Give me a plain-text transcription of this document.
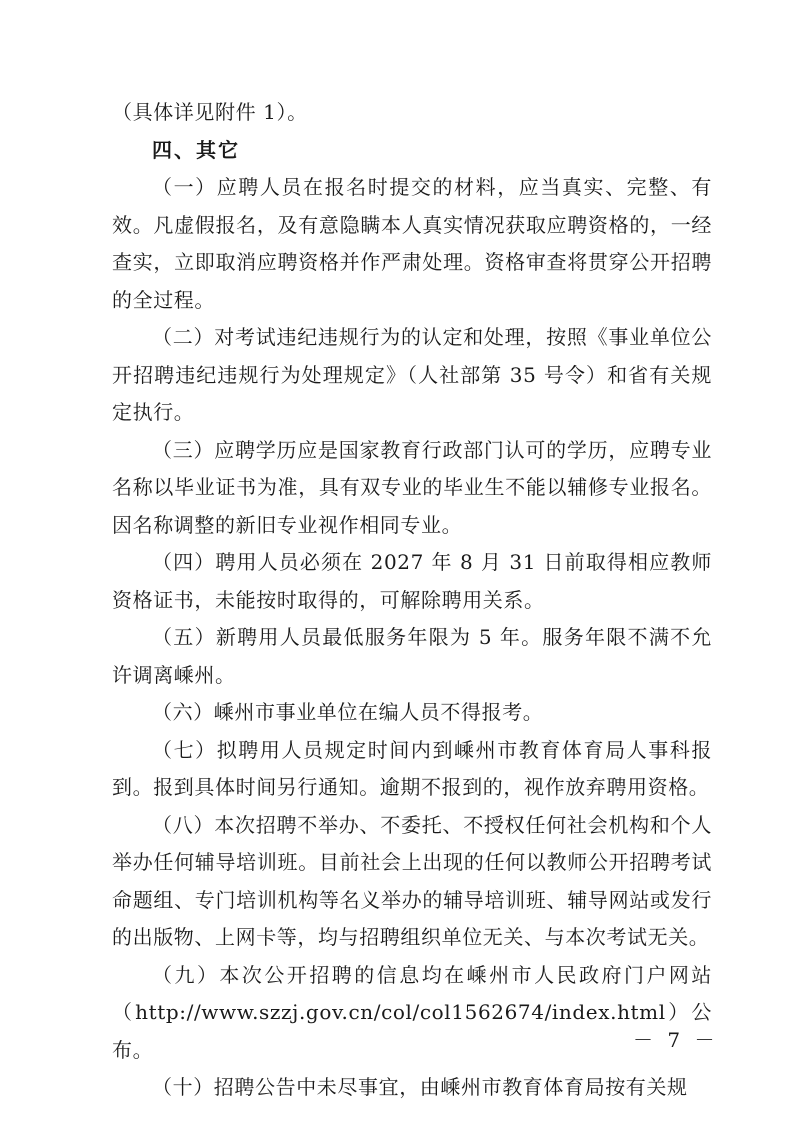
（具体详见附件 1）。

四、其它

（一）应聘人员在报名时提交的材料，应当真实、完整、有效。凡虚假报名，及有意隐瞒本人真实情况获取应聘资格的，一经查实，立即取消应聘资格并作严肃处理。资格审查将贯穿公开招聘的全过程。

（二）对考试违纪违规行为的认定和处理，按照《事业单位公开招聘违纪违规行为处理规定》（人社部第 35 号令）和省有关规定执行。

（三）应聘学历应是国家教育行政部门认可的学历，应聘专业名称以毕业证书为准，具有双专业的毕业生不能以辅修专业报名。因名称调整的新旧专业视作相同专业。

（四）聘用人员必须在 2027 年 8 月 31 日前取得相应教师资格证书，未能按时取得的，可解除聘用关系。

（五）新聘用人员最低服务年限为 5 年。服务年限不满不允许调离嵊州。

（六）嵊州市事业单位在编人员不得报考。

（七）拟聘用人员规定时间内到嵊州市教育体育局人事科报到。报到具体时间另行通知。逾期不报到的，视作放弃聘用资格。

（八）本次招聘不举办、不委托、不授权任何社会机构和个人举办任何辅导培训班。目前社会上出现的任何以教师公开招聘考试命题组、专门培训机构等名义举办的辅导培训班、辅导网站或发行的出版物、上网卡等，均与招聘组织单位无关、与本次考试无关。

（九）本次公开招聘的信息均在嵊州市人民政府门户网站（http://www.szzj.gov.cn/col/col1562674/index.html）公布。

（十）招聘公告中未尽事宜，由嵊州市教育体育局按有关规

－ 7 －
